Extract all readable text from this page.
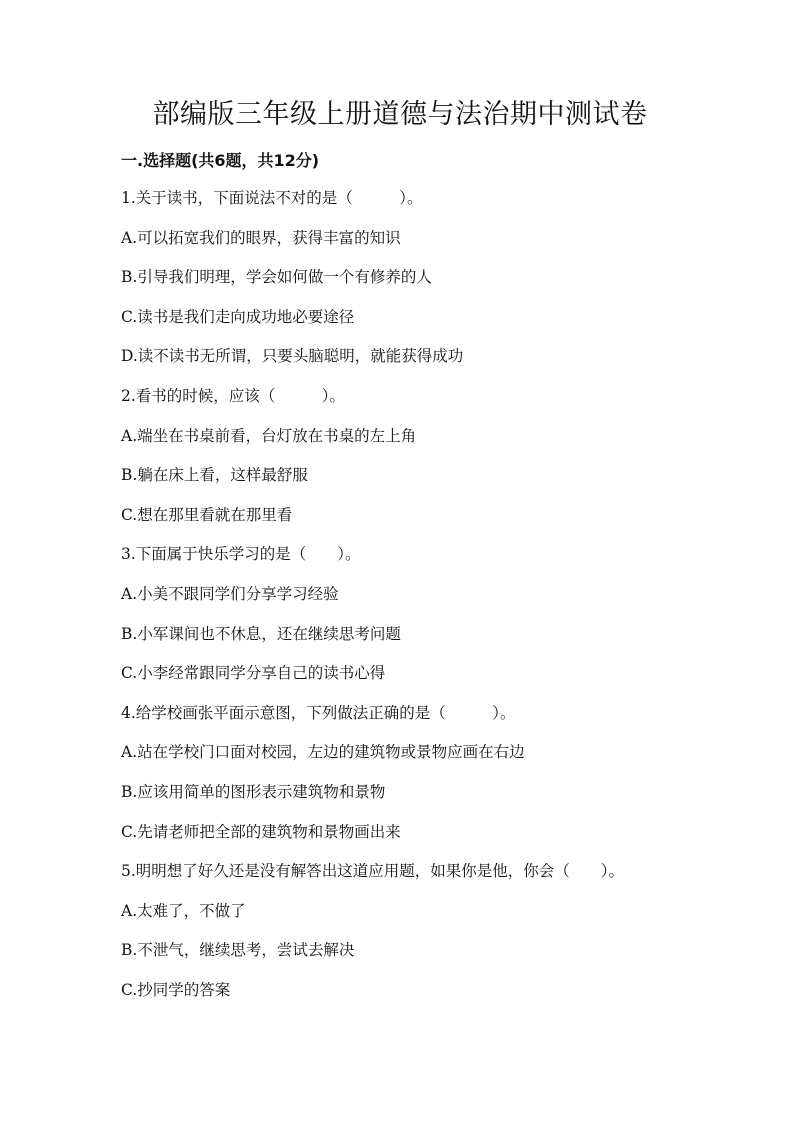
部编版三年级上册道德与法治期中测试卷
一.选择题(共6题，共12分)
1.关于读书，下面说法不对的是（　　　）。
A.可以拓宽我们的眼界，获得丰富的知识
B.引导我们明理，学会如何做一个有修养的人
C.读书是我们走向成功地必要途径
D.读不读书无所谓，只要头脑聪明，就能获得成功
2.看书的时候，应该（　　　）。
A.端坐在书桌前看，台灯放在书桌的左上角
B.躺在床上看，这样最舒服
C.想在那里看就在那里看
3.下面属于快乐学习的是（　　）。
A.小美不跟同学们分享学习经验
B.小军课间也不休息，还在继续思考问题
C.小李经常跟同学分享自己的读书心得
4.给学校画张平面示意图，下列做法正确的是（　　　）。
A.站在学校门口面对校园，左边的建筑物或景物应画在右边
B.应该用简单的图形表示建筑物和景物
C.先请老师把全部的建筑物和景物画出来
5.明明想了好久还是没有解答出这道应用题，如果你是他，你会（　　）。
A.太难了，不做了
B.不泄气，继续思考，尝试去解决
C.抄同学的答案
